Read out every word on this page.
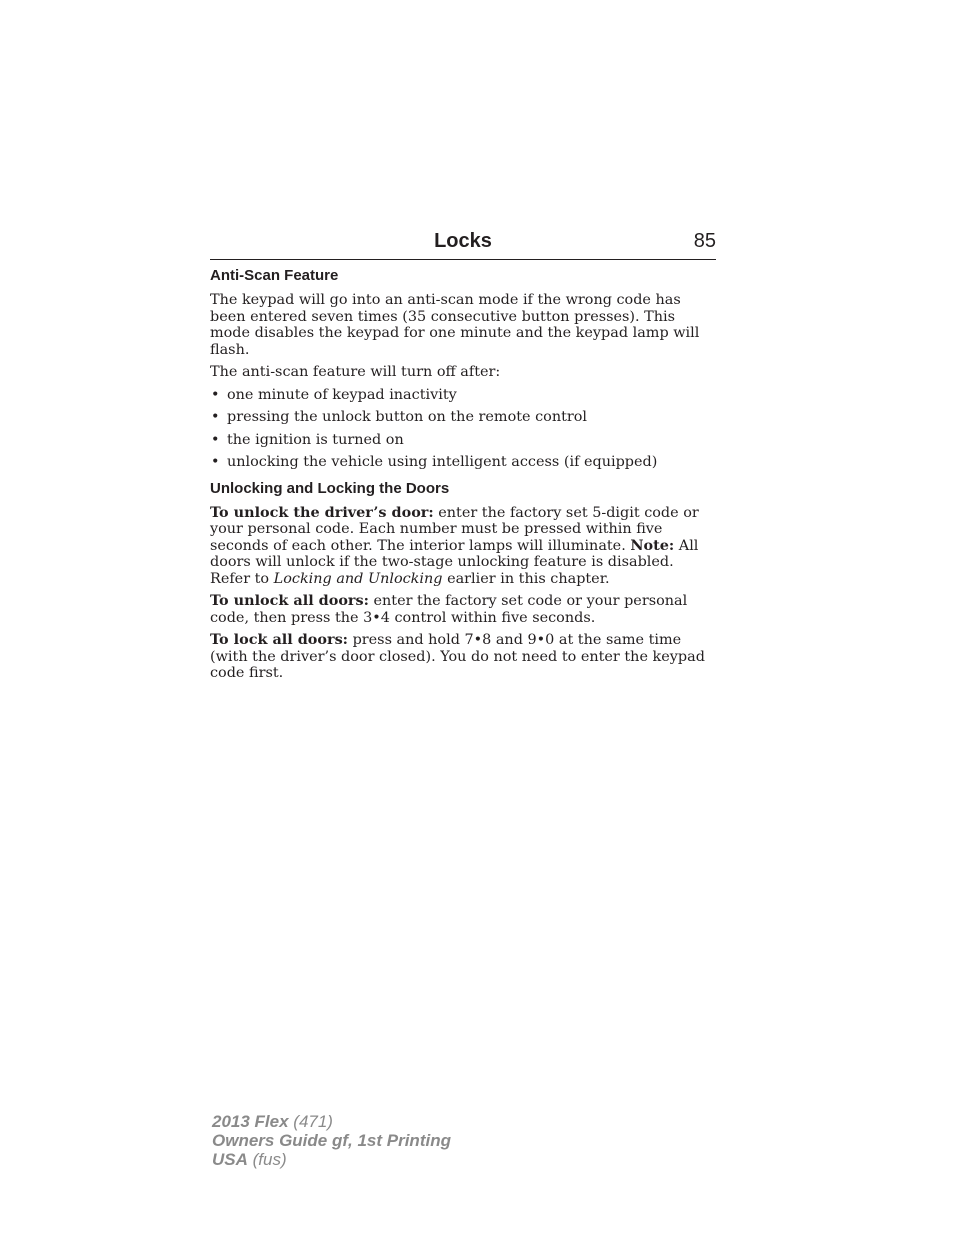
Locks	85
Anti-Scan Feature

The keypad will go into an anti-scan mode if the wrong code has been entered seven times (35 consecutive button presses). This mode disables the keypad for one minute and the keypad lamp will flash.

The anti-scan feature will turn off after:

• one minute of keypad inactivity
• pressing the unlock button on the remote control
• the ignition is turned on
• unlocking the vehicle using intelligent access (if equipped)
Unlocking and Locking the Doors

To unlock the driver’s door: enter the factory set 5-digit code or your personal code. Each number must be pressed within five seconds of each other. The interior lamps will illuminate. Note: All doors will unlock if the two-stage unlocking feature is disabled. Refer to Locking and Unlocking earlier in this chapter.

To unlock all doors: enter the factory set code or your personal code, then press the 3•4 control within five seconds.

To lock all doors: press and hold 7•8 and 9•0 at the same time (with the driver’s door closed). You do not need to enter the keypad code first.

2013 Flex (471)
Owners Guide gf, 1st Printing
USA (fus)
